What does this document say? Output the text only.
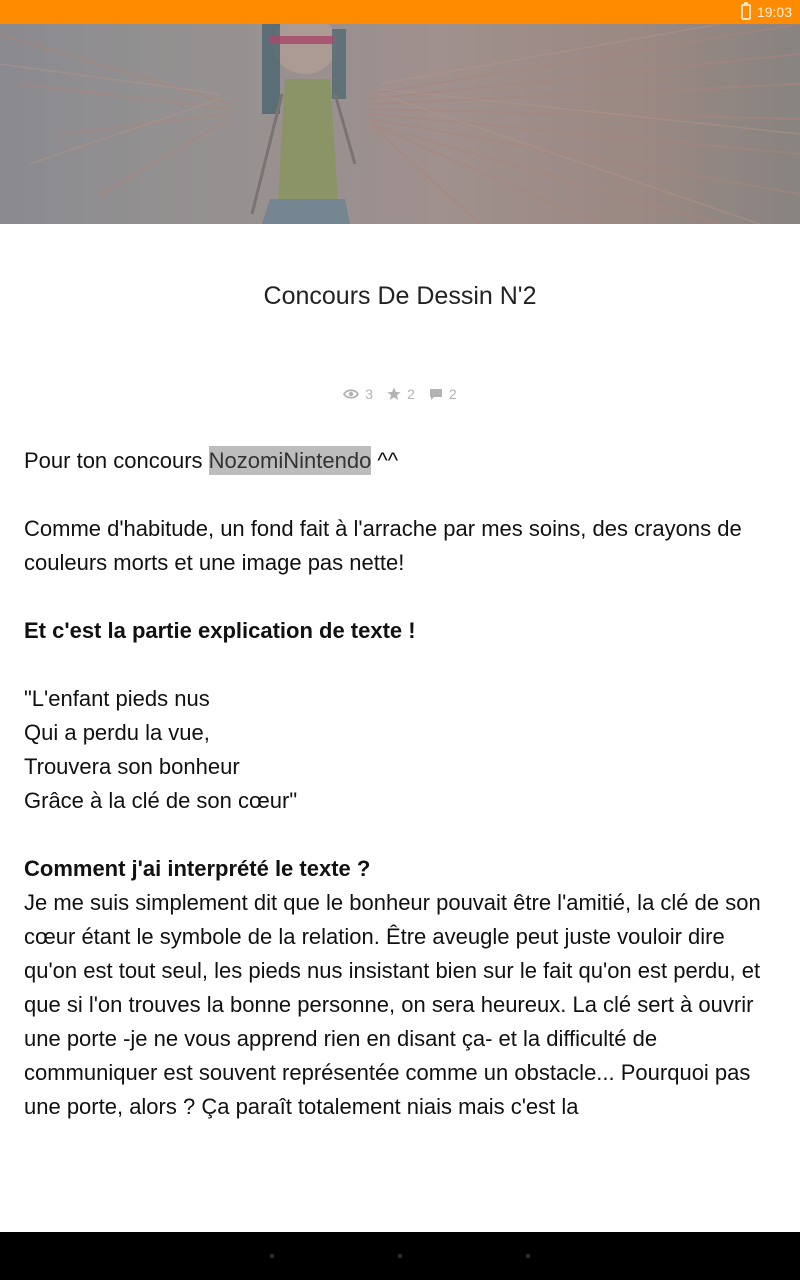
19:03
Concours De Dessin N'2
3 2 2

Pour ton concours NozomiNintendo ^^

Comme d'habitude, un fond fait à l'arrache par mes soins, des crayons de couleurs morts et une image pas nette!

Et c'est la partie explication de texte !

"L'enfant pieds nus

Qui a perdu la vue,

Trouvera son bonheur

Grâce à la clé de son cœur"

Comment j'ai interprété le texte ?

Je me suis simplement dit que le bonheur pouvait être l'amitié, la clé de son cœur étant le symbole de la relation. Être aveugle peut juste vouloir dire qu'on est tout seul, les pieds nus insistant bien sur le fait qu'on est perdu, et que si l'on trouves la bonne personne, on sera heureux. La clé sert à ouvrir une porte -je ne vous apprend rien en disant ça- et la difficulté de communiquer est souvent représentée comme un obstacle... Pourquoi pas une porte, alors ? Ça paraît totalement niais mais c'est la
